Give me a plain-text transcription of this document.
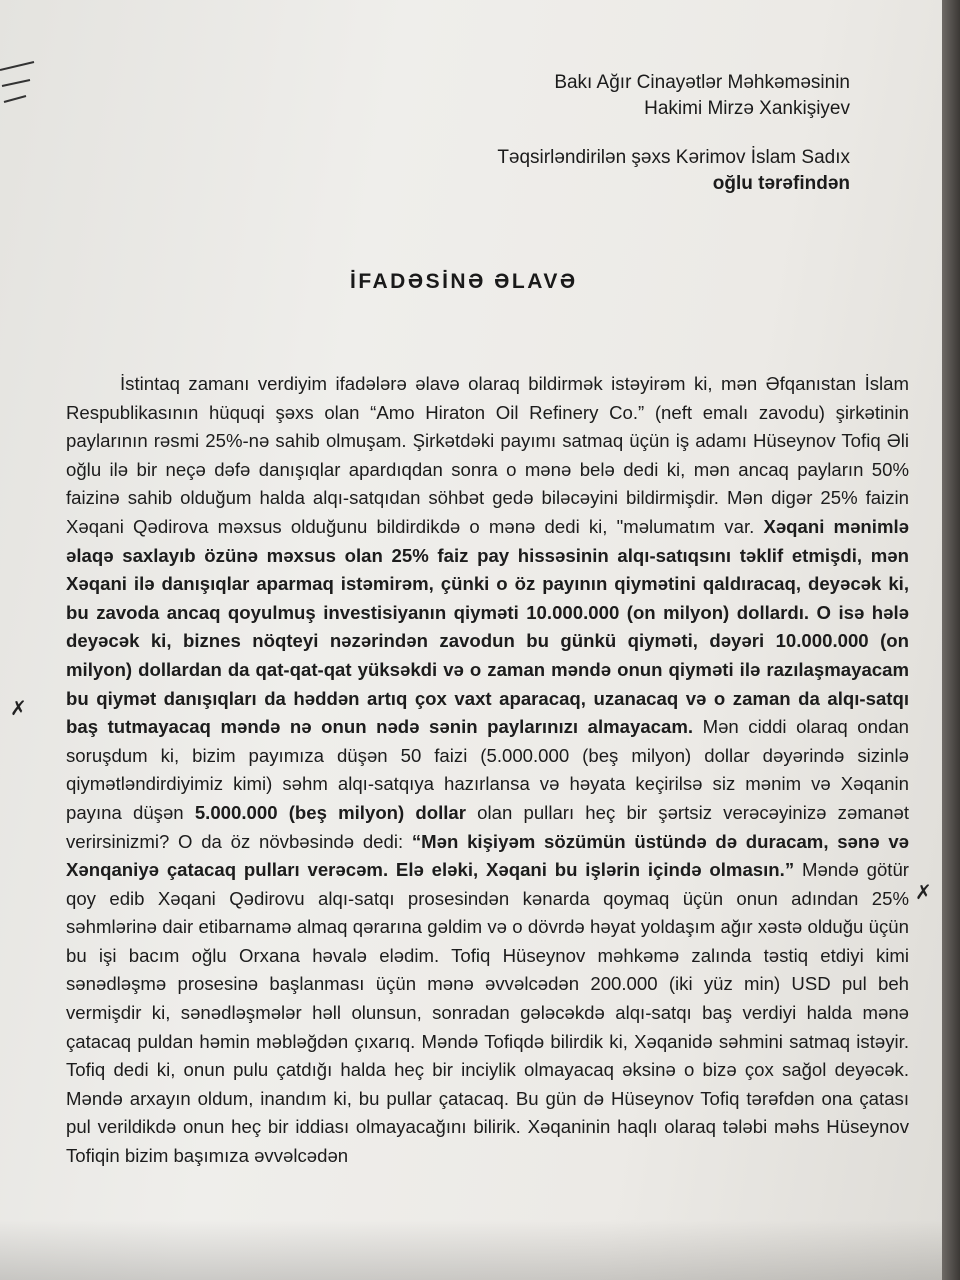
Bakı Ağır Cinayətlər Məhkəməsinin
Hakimi Mirzə Xankişiyev
Təqsirləndirilən şəxs Kərimov İslam Sadıx
oğlu tərəfindən
İFADƏSİNƏ ƏLAVƏ

İstintaq zamanı verdiyim ifadələrə əlavə olaraq bildirmək istəyirəm ki, mən Əfqanıstan İslam Respublikasının hüquqi şəxs olan “Amo Hiraton Oil Refinery Co.” (neft emalı zavodu) şirkətinin paylarının rəsmi 25%-nə sahib olmuşam. Şirkətdəki payımı satmaq üçün iş adamı Hüseynov Tofiq Əli oğlu ilə bir neçə dəfə danışıqlar apardıqdan sonra o mənə belə dedi ki, mən ancaq payların 50% faizinə sahib olduğum halda alqı-satqıdan söhbət gedə biləcəyini bildirmişdir. Mən digər 25% faizin Xəqani Qədirova məxsus olduğunu bildirdikdə o mənə dedi ki, "məlumatım var. Xəqani mənimlə əlaqə saxlayıb özünə məxsus olan 25% faiz pay hissəsinin alqı-satıqsını təklif etmişdi, mən Xəqani ilə danışıqlar aparmaq istəmirəm, çünki o öz payının qiymətini qaldıracaq, deyəcək ki, bu zavoda ancaq qoyulmuş investisiyanın qiyməti 10.000.000 (on milyon) dollardı. O isə hələ deyəcək ki, biznes nöqteyi nəzərindən zavodun bu günkü qiyməti, dəyəri 10.000.000 (on milyon) dollardan da qat-qat-qat yüksəkdi və o zaman məndə onun qiyməti ilə razılaşmayacam bu qiymət danışıqları da həddən artıq çox vaxt aparacaq, uzanacaq və o zaman da alqı-satqı baş tutmayacaq məndə nə onun nədə sənin paylarınızı almayacam. Mən ciddi olaraq ondan soruşdum ki, bizim payımıza düşən 50 faizi (5.000.000 (beş milyon) dollar dəyərində sizinlə qiymətləndirdiyimiz kimi) səhm alqı-satqıya hazırlansa və həyata keçirilsə siz mənim və Xəqanin payına düşən 5.000.000 (beş milyon) dollar olan pulları heç bir şərtsiz verəcəyinizə zəmanət verirsinizmi? O da öz növbəsində dedi: “Mən kişiyəm sözümün üstündə də duracam, sənə və Xənqaniyə çatacaq pulları verəcəm. Elə eləki, Xəqani bu işlərin içində olmasın.” Məndə götür qoy edib Xəqani Qədirovu alqı-satqı prosesindən kənarda qoymaq üçün onun adından 25% səhmlərinə dair etibarnamə almaq qərarına gəldim və o dövrdə həyat yoldaşım ağır xəstə olduğu üçün bu işi bacım oğlu Orxana həvalə elədim. Tofiq Hüseynov məhkəmə zalında təstiq etdiyi kimi sənədləşmə prosesinə başlanması üçün mənə əvvəlcədən 200.000 (iki yüz min) USD pul beh vermişdir ki, sənədləşmələr həll olunsun, sonradan gələcəkdə alqı-satqı baş verdiyi halda mənə çatacaq puldan həmin məbləğdən çıxarıq. Məndə Tofiqdə bilirdik ki, Xəqanidə səhmini satmaq istəyir. Tofiq dedi ki, onun pulu çatdığı halda heç bir inciylik olmayacaq əksinə o bizə çox sağol deyəcək. Məndə arxayın oldum, inandım ki, bu pullar çatacaq. Bu gün də Hüseynov Tofiq tərəfdən ona çatası pul verildikdə onun heç bir iddiası olmayacağını bilirik. Xəqaninin haqlı olaraq tələbi məhs Hüseynov Tofiqin bizim başımıza əvvəlcədən

✗
✗
